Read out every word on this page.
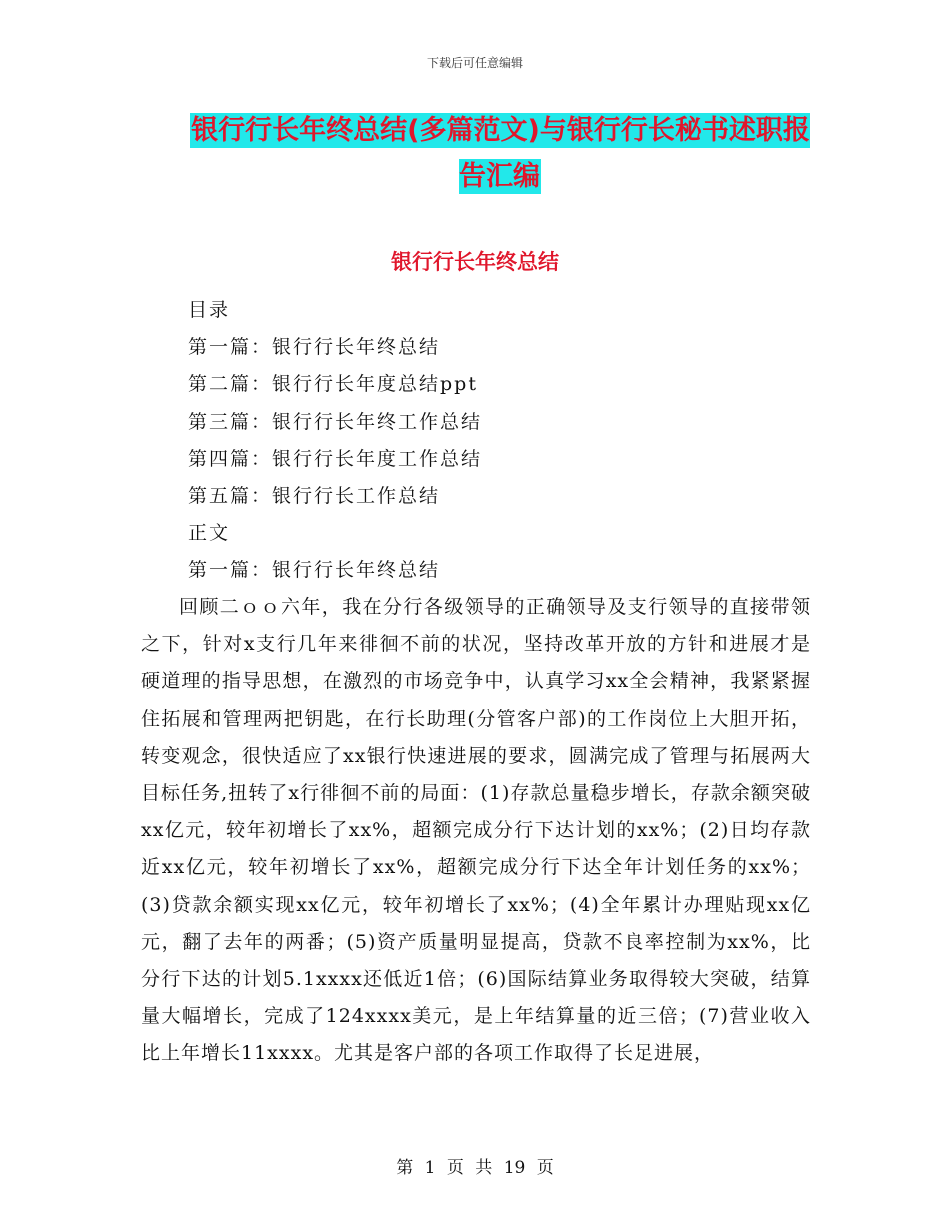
下载后可任意编辑
银行行长年终总结(多篇范文)与银行行长秘书述职报告汇编
银行行长年终总结
目录
第一篇：银行行长年终总结
第二篇：银行行长年度总结ppt
第三篇：银行行长年终工作总结
第四篇：银行行长年度工作总结
第五篇：银行行长工作总结
正文
第一篇：银行行长年终总结
回顾二ｏｏ六年，我在分行各级领导的正确领导及支行领导的直接带领之下，针对x支行几年来徘徊不前的状况，坚持改革开放的方针和进展才是硬道理的指导思想，在激烈的市场竞争中，认真学习xx全会精神，我紧紧握住拓展和管理两把钥匙，在行长助理(分管客户部)的工作岗位上大胆开拓，转变观念，很快适应了xx银行快速进展的要求，圆满完成了管理与拓展两大目标任务,扭转了x行徘徊不前的局面：(1)存款总量稳步增长，存款余额突破xx亿元，较年初增长了xx%，超额完成分行下达计划的xx%；(2)日均存款近xx亿元，较年初增长了xx%，超额完成分行下达全年计划任务的xx%；(3)贷款余额实现xx亿元，较年初增长了xx%；(4)全年累计办理贴现xx亿元，翻了去年的两番；(5)资产质量明显提高，贷款不良率控制为xx%，比分行下达的计划5.1xxxx还低近1倍；(6)国际结算业务取得较大突破，结算量大幅增长，完成了124xxxx美元，是上年结算量的近三倍；(7)营业收入比上年增长11xxxx。尤其是客户部的各项工作取得了长足进展，
第 1 页 共 19 页
